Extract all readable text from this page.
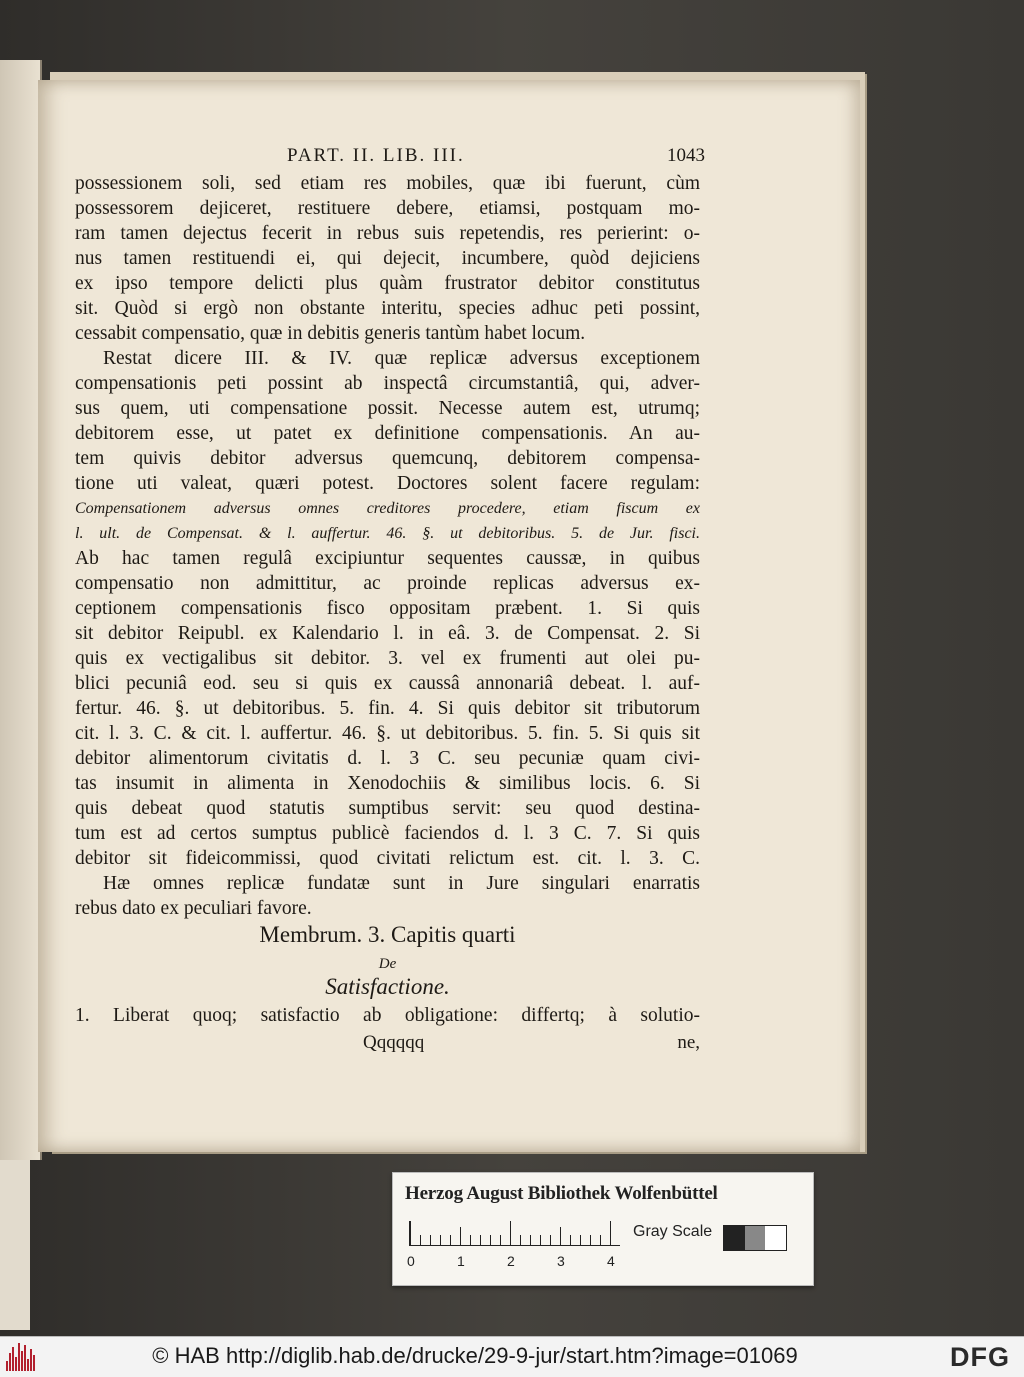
PART. II. LIB. III.	1043
possessionem soli, sed etiam res mobiles, quæ ibi fuerunt, cùm
possessorem dejiceret, restituere debere, etiamsi, postquam mo-
ram tamen dejectus fecerit in rebus suis repetendis, res perierint: o-
nus tamen restituendi ei, qui dejecit, incumbere, quòd dejiciens
ex ipso tempore delicti plus quàm frustrator debitor constitutus
sit. Quòd si ergò non obstante interitu, species adhuc peti possint,
cessabit compensatio, quæ in debitis generis tantùm habet locum.
Restat dicere III. & IV. quæ replicæ adversus exceptionem
compensationis peti possint ab inspectâ circumstantiâ, qui, adver-
sus quem, uti compensatione possit. Necesse autem est, utrumq;
debitorem esse, ut patet ex definitione compensationis. An au-
tem quivis debitor adversus quemcunq, debitorem compensa-
tione uti valeat, quæri potest. Doctores solent facere regulam:
Compensationem adversus omnes creditores procedere, etiam fiscum ex
l. ult. de Compensat. & l. auffertur. 46. §. ut debitoribus. 5. de Jur. fisci.
Ab hac tamen regulâ excipiuntur sequentes caussæ, in quibus
compensatio non admittitur, ac proinde replicas adversus ex-
ceptionem compensationis fisco oppositam præbent. 1. Si quis
sit debitor Reipubl. ex Kalendario l. in eâ. 3. de Compensat. 2. Si
quis ex vectigalibus sit debitor. 3. vel ex frumenti aut olei pu-
blici pecuniâ eod. seu si quis ex caussâ annonariâ debeat. l. auf-
fertur. 46. §. ut debitoribus. 5. fin. 4. Si quis debitor sit tributorum
cit. l. 3. C. & cit. l. auffertur. 46. §. ut debitoribus. 5. fin. 5. Si quis sit
debitor alimentorum civitatis d. l. 3 C. seu pecuniæ quam civi-
tas insumit in alimenta in Xenodochiis & similibus locis. 6. Si
quis debeat quod statutis sumptibus servit: seu quod destina-
tum est ad certos sumptus publicè faciendos d. l. 3 C. 7. Si quis
debitor sit fideicommissi, quod civitati relictum est. cit. l. 3. C.
Hæ omnes replicæ fundatæ sunt in Jure singulari enarratis
rebus dato ex peculiari favore.
Membrum. 3. Capitis quarti
De
Satisfactione.
1. Liberat quoq; satisfactio ab obligatione: differtq; à solutio-
Qqqqqq	ne,
Herzog August Bibliothek Wolfenbüttel
0	1	2	3	4
Gray Scale
© HAB http://diglib.hab.de/drucke/29-9-jur/start.htm?image=01069	DFG
